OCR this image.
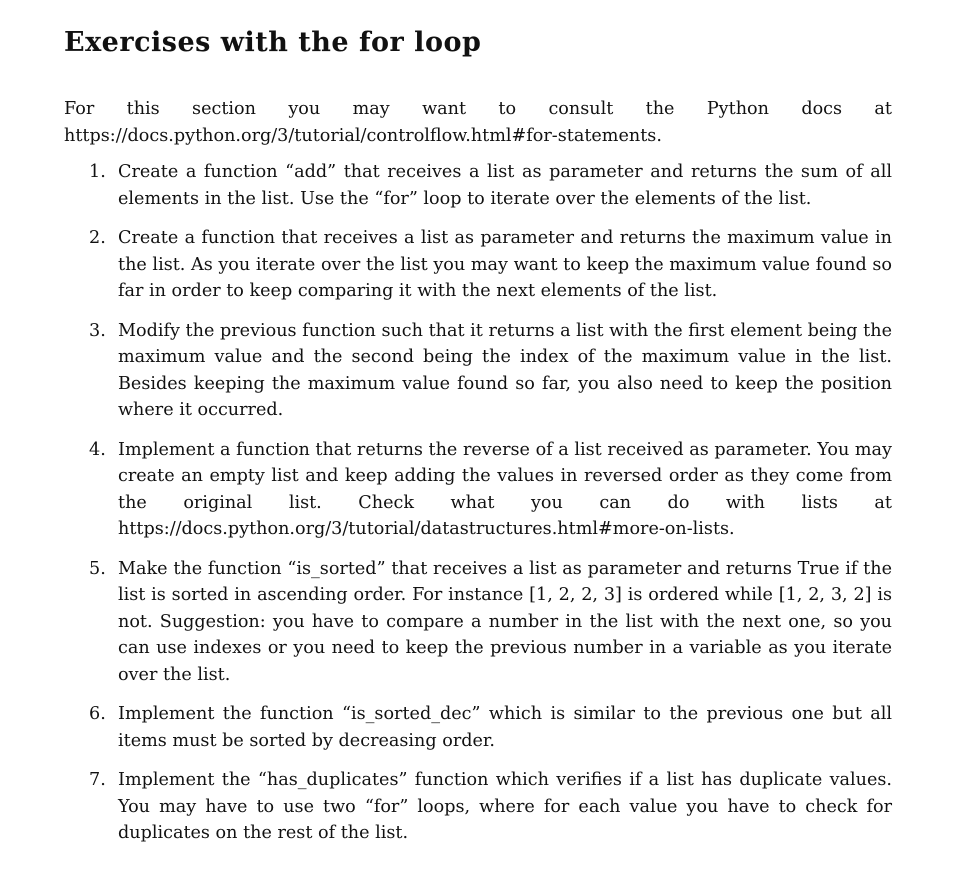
Exercises with the for loop

For this section you may want to consult the Python docs at https://docs.python.org/3/tutorial/controlflow.html#for-statements.

1. Create a function “add” that receives a list as parameter and returns the sum of all elements in the list. Use the “for” loop to iterate over the elements of the list.
2. Create a function that receives a list as parameter and returns the maximum value in the list. As you iterate over the list you may want to keep the maximum value found so far in order to keep comparing it with the next elements of the list.
3. Modify the previous function such that it returns a list with the first element being the maximum value and the second being the index of the maximum value in the list. Besides keeping the maximum value found so far, you also need to keep the position where it occurred.
4. Implement a function that returns the reverse of a list received as parameter. You may create an empty list and keep adding the values in reversed order as they come from the original list. Check what you can do with lists at https://docs.python.org/3/tutorial/datastructures.html#more-on-lists.
5. Make the function “is_sorted” that receives a list as parameter and returns True if the list is sorted in ascending order. For instance [1, 2, 2, 3] is ordered while [1, 2, 3, 2] is not. Suggestion: you have to compare a number in the list with the next one, so you can use indexes or you need to keep the previous number in a variable as you iterate over the list.
6. Implement the function “is_sorted_dec” which is similar to the previous one but all items must be sorted by decreasing order.
7. Implement the “has_duplicates” function which verifies if a list has duplicate values. You may have to use two “for” loops, where for each value you have to check for duplicates on the rest of the list.
